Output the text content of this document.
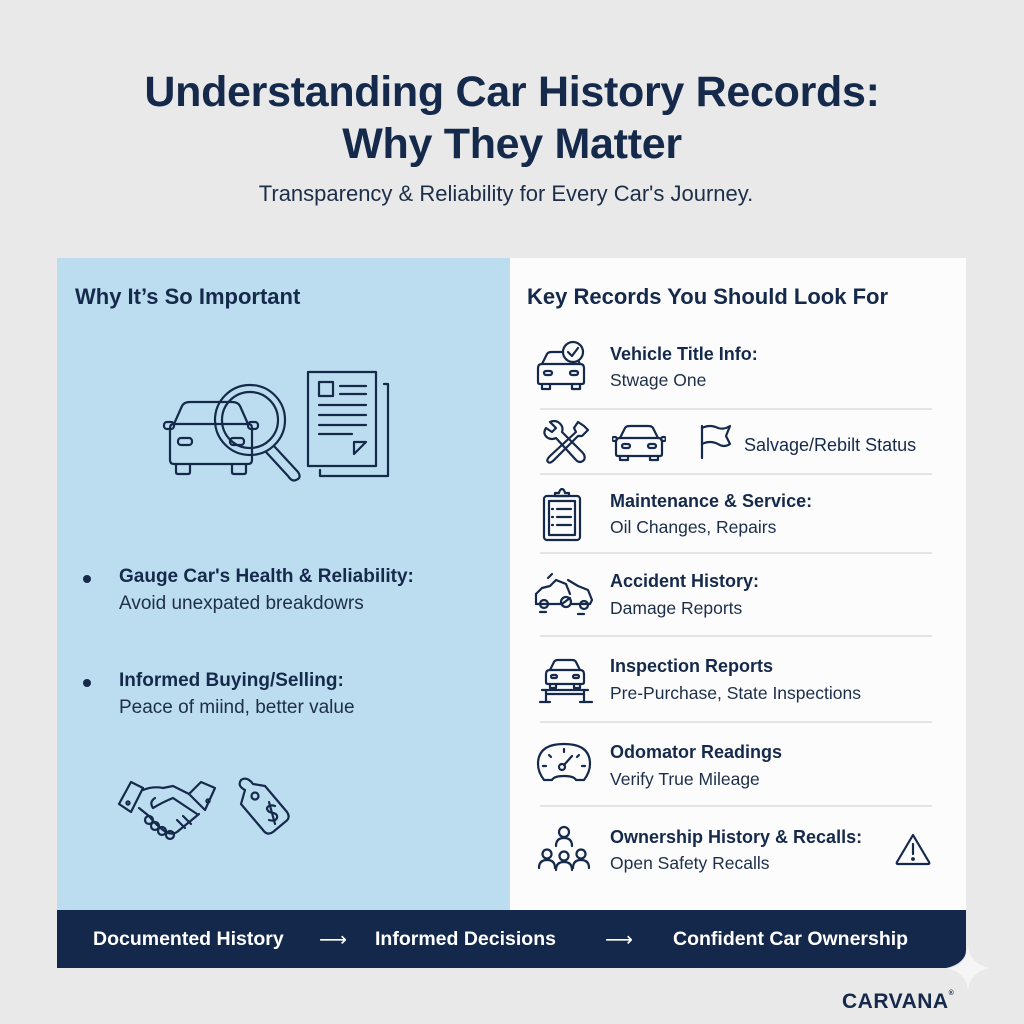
Understanding Car History Records:
Why They Matter
Transparency & Reliability for Every Car's Journey.
Why It’s So Important
Gauge Car's Health & Reliability:
Avoid unexpated breakdowrs
Informed Buying/Selling:
Peace of miind, better value
Key Records You Should Look For
Vehicle Title Info:
Stwage One
Salvage/Rebilt Status
Maintenance & Service:
Oil Changes, Repairs
Accident History:
Damage Reports
Inspection Reports
Pre-Purchase, State Inspections
Odomator Readings
Verify True Mileage
Ownership History & Recalls:
Open Safety Recalls
Documented History ⟶ Informed Decisions	⟶ Confident Car Ownership
CARVANA®
